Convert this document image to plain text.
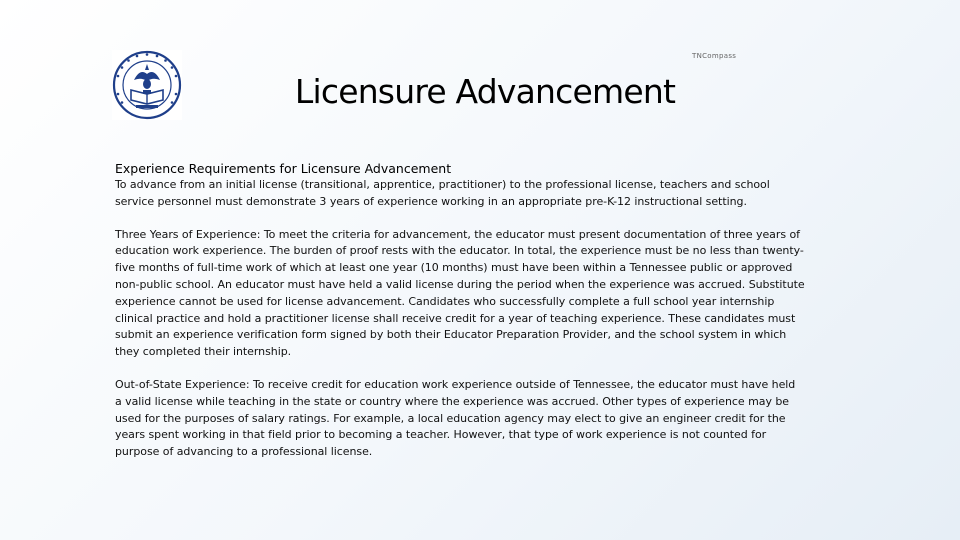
TNCompass
Licensure Advancement
Experience Requirements for Licensure Advancement

To advance from an initial license (transitional, apprentice, practitioner) to the professional license, teachers and school service personnel must demonstrate 3 years of experience working in an appropriate pre-K-12 instructional setting.

Three Years of Experience: To meet the criteria for advancement, the educator must present documentation of three years of education work experience. The burden of proof rests with the educator. In total, the experience must be no less than twenty-five months of full-time work of which at least one year (10 months) must have been within a Tennessee public or approved non-public school. An educator must have held a valid license during the period when the experience was accrued. Substitute experience cannot be used for license advancement. Candidates who successfully complete a full school year internship clinical practice and hold a practitioner license shall receive credit for a year of teaching experience. These candidates must submit an experience verification form signed by both their Educator Preparation Provider, and the school system in which they completed their internship.

Out-of-State Experience: To receive credit for education work experience outside of Tennessee, the educator must have held a valid license while teaching in the state or country where the experience was accrued. Other types of experience may be used for the purposes of salary ratings. For example, a local education agency may elect to give an engineer credit for the years spent working in that field prior to becoming a teacher. However, that type of work experience is not counted for purpose of advancing to a professional license.
